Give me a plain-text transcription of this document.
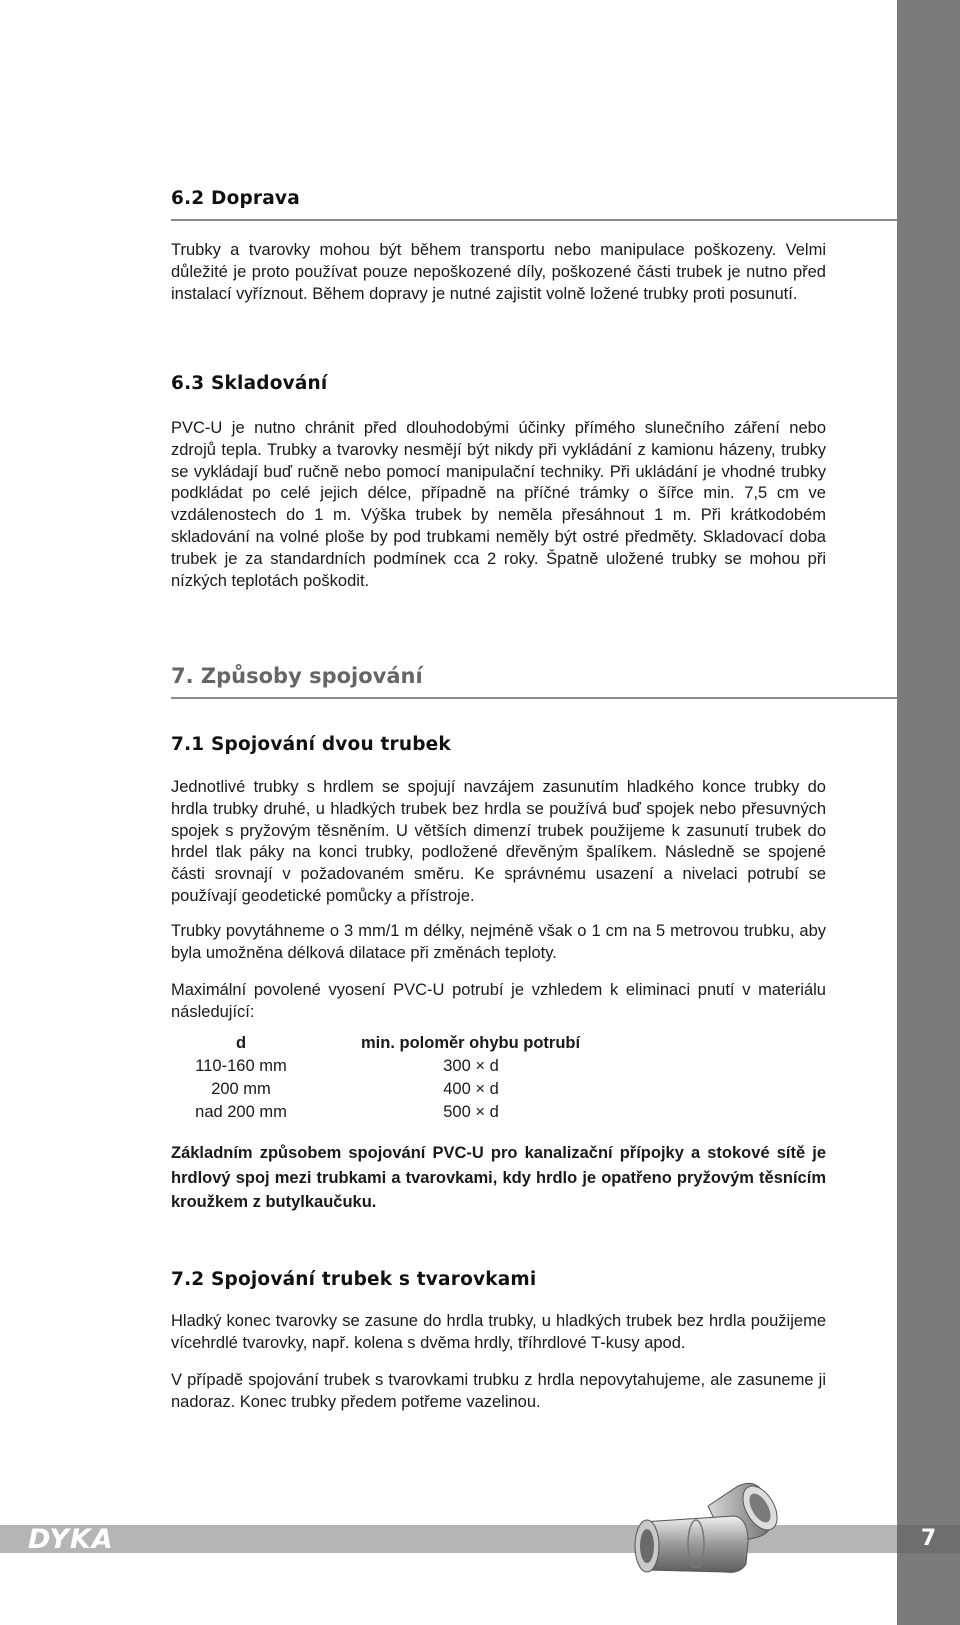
6.2 Doprava

Trubky a tvarovky mohou být během transportu nebo manipulace poškozeny. Velmi důležité je proto používat pouze nepoškozené díly, poškozené části trubek je nutno před instalací vyříznout. Během dopravy je nutné zajistit volně ložené trubky proti posunutí.

6.3 Skladování

PVC-U je nutno chránit před dlouhodobými účinky přímého slunečního záření nebo zdrojů tepla. Trubky a tvarovky nesmějí být nikdy při vykládání z kamionu házeny, trubky se vykládají buď ručně nebo pomocí manipulační techniky. Při ukládání je vhodné trubky podkládat po celé jejich délce, případně na příčné trámky o šířce min. 7,5 cm ve vzdálenostech do 1 m. Výška trubek by neměla přesáhnout 1 m. Při krátkodobém skladování na volné ploše by pod trubkami neměly být ostré předměty. Skladovací doba trubek je za standardních podmínek cca 2 roky. Špatně uložené trubky se mohou při nízkých teplotách poškodit.

7. Způsoby spojování
7.1 Spojování dvou trubek

Jednotlivé trubky s hrdlem se spojují navzájem zasunutím hladkého konce trubky do hrdla trubky druhé, u hladkých trubek bez hrdla se používá buď spojek nebo přesuvných spojek s pryžovým těsněním. U větších dimenzí trubek použijeme k zasunutí trubek do hrdel tlak páky na konci trubky, podložené dřevěným špalíkem. Následně se spojené části srovnají v požadovaném směru. Ke správnému usazení a nivelaci potrubí se používají geodetické pomůcky a přístroje.

Trubky povytáhneme o 3 mm/1 m délky, nejméně však o 1 cm na 5 metrovou trubku, aby byla umožněna délková dilatace při změnách teploty.

Maximální povolené vyosení PVC-U potrubí je vzhledem k eliminaci pnutí v materiálu následující:

d	min. poloměr ohybu potrubí
110-160 mm	300 × d
200 mm	400 × d
nad 200 mm	500 × d

Základním způsobem spojování PVC-U pro kanalizační přípojky a stokové sítě je hrdlový spoj mezi trubkami a tvarovkami, kdy hrdlo je opatřeno pryžovým těsnícím kroužkem z butylkaučuku.

7.2 Spojování trubek s tvarovkami

Hladký konec tvarovky se zasune do hrdla trubky, u hladkých trubek bez hrdla použijeme vícehrdlé tvarovky, např. kolena s dvěma hrdly, tříhrdlové T-kusy apod.

V případě spojování trubek s tvarovkami trubku z hrdla nepovytahujeme, ale zasuneme ji nadoraz. Konec trubky předem potřeme vazelinou.

DYKA	7
